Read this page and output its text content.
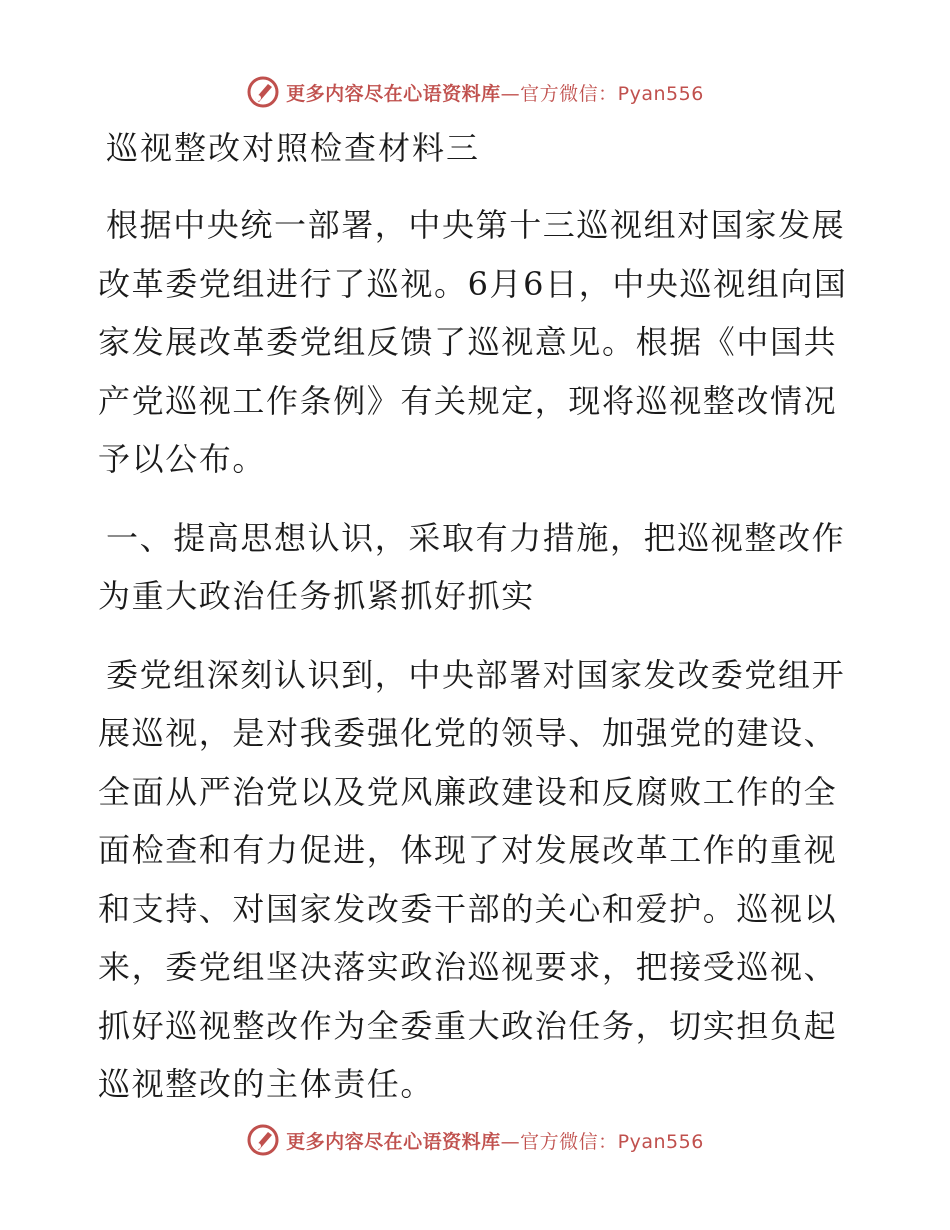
更多内容尽在心语资料库—官方微信：Pyan556
巡视整改对照检查材料三

根据中央统一部署，中央第十三巡视组对国家发展改革委党组进行了巡视。6月6日，中央巡视组向国家发展改革委党组反馈了巡视意见。根据《中国共产党巡视工作条例》有关规定，现将巡视整改情况予以公布。

一、提高思想认识，采取有力措施，把巡视整改作为重大政治任务抓紧抓好抓实

委党组深刻认识到，中央部署对国家发改委党组开展巡视，是对我委强化党的领导、加强党的建设、全面从严治党以及党风廉政建设和反腐败工作的全面检查和有力促进，体现了对发展改革工作的重视和支持、对国家发改委干部的关心和爱护。巡视以来，委党组坚决落实政治巡视要求，把接受巡视、抓好巡视整改作为全委重大政治任务，切实担负起巡视整改的主体责任。

更多内容尽在心语资料库—官方微信：Pyan556
